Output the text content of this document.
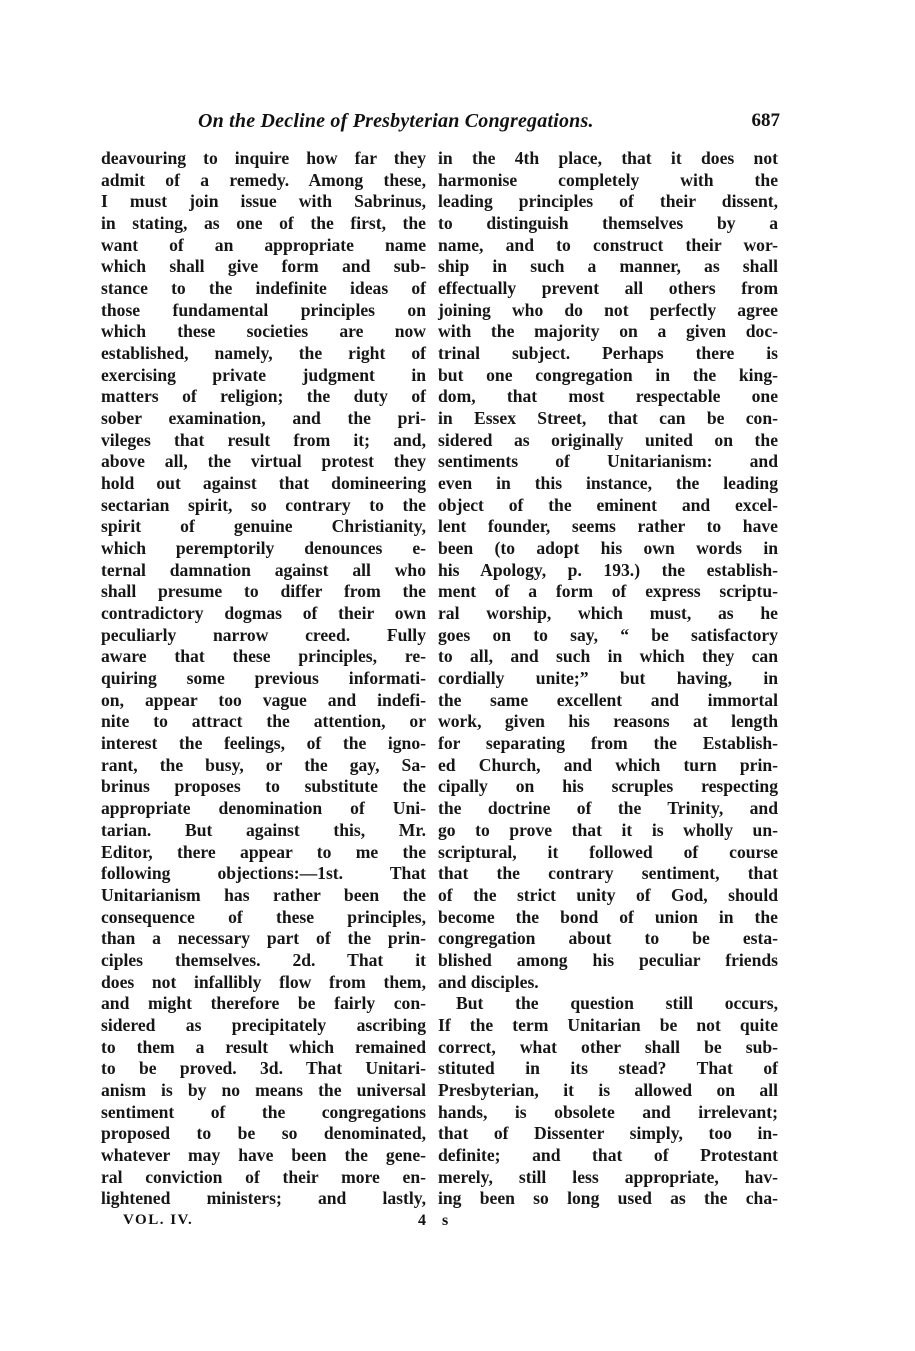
On the Decline of Presbyterian Congregations.	687
deavouring to inquire how far they
admit of a remedy. Among these,
I must join issue with Sabrinus,
in stating, as one of the first, the
want of an appropriate name
which shall give form and sub-
stance to the indefinite ideas of
those fundamental principles on
which these societies are now
established, namely, the right of
exercising private judgment in
matters of religion; the duty of
sober examination, and the pri-
vileges that result from it; and,
above all, the virtual protest they
hold out against that domineering
sectarian spirit, so contrary to the
spirit of genuine Christianity,
which peremptorily denounces e-
ternal damnation against all who
shall presume to differ from the
contradictory dogmas of their own
peculiarly narrow creed. Fully
aware that these principles, re-
quiring some previous informati-
on, appear too vague and indefi-
nite to attract the attention, or
interest the feelings, of the igno-
rant, the busy, or the gay, Sa-
brinus proposes to substitute the
appropriate denomination of Uni-
tarian. But against this, Mr.
Editor, there appear to me the
following objections:—1st. That
Unitarianism has rather been the
consequence of these principles,
than a necessary part of the prin-
ciples themselves. 2d. That it
does not infallibly flow from them,
and might therefore be fairly con-
sidered as precipitately ascribing
to them a result which remained
to be proved. 3d. That Unitari-
anism is by no means the universal
sentiment of the congregations
proposed to be so denominated,
whatever may have been the gene-
ral conviction of their more en-
lightened ministers; and lastly,
in the 4th place, that it does not
harmonise completely with the
leading principles of their dissent,
to distinguish themselves by a
name, and to construct their wor-
ship in such a manner, as shall
effectually prevent all others from
joining who do not perfectly agree
with the majority on a given doc-
trinal subject. Perhaps there is
but one congregation in the king-
dom, that most respectable one
in Essex Street, that can be con-
sidered as originally united on the
sentiments of Unitarianism: and
even in this instance, the leading
object of the eminent and excel-
lent founder, seems rather to have
been (to adopt his own words in
his Apology, p. 193.) the establish-
ment of a form of express scriptu-
ral worship, which must, as he
goes on to say, “ be satisfactory
to all, and such in which they can
cordially unite;” but having, in
the same excellent and immortal
work, given his reasons at length
for separating from the Establish-
ed Church, and which turn prin-
cipally on his scruples respecting
the doctrine of the Trinity, and
go to prove that it is wholly un-
scriptural, it followed of course
that the contrary sentiment, that
of the strict unity of God, should
become the bond of union in the
congregation about to be esta-
blished among his peculiar friends
and disciples.
But the question still occurs,
If the term Unitarian be not quite
correct, what other shall be sub-
stituted in its stead? That of
Presbyterian, it is allowed on all
hands, is obsolete and irrelevant;
that of Dissenter simply, too in-
definite; and that of Protestant
merely, still less appropriate, hav-
ing been so long used as the cha-
VOL. IV.	4 s
